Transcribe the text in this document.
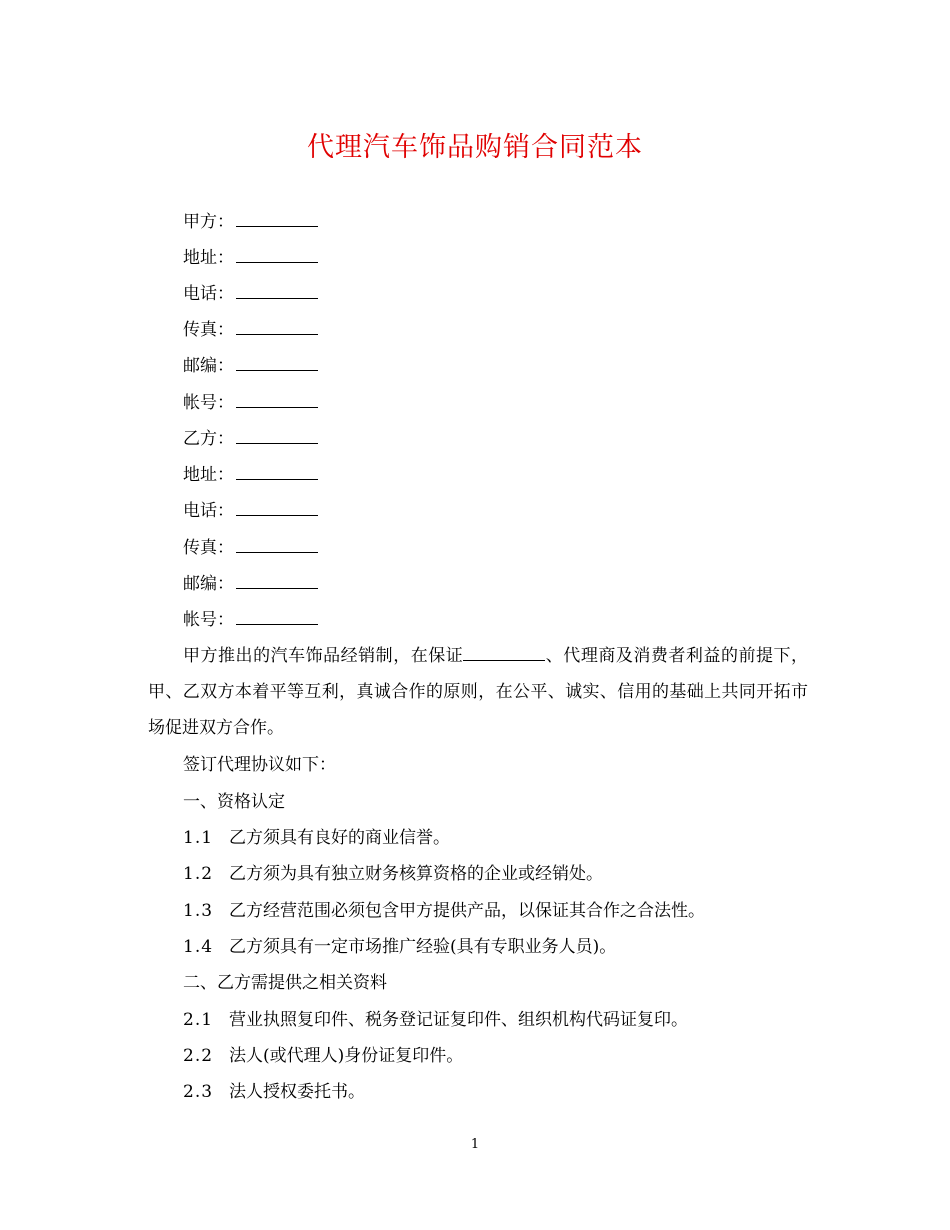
代理汽车饰品购销合同范本
甲方：
地址：
电话：
传真：
邮编：
帐号：
乙方：
地址：
电话：
传真：
邮编：
帐号：
甲方推出的汽车饰品经销制，在保证	、代理商及消费者利益的前提下，甲、乙双方本着平等互利，真诚合作的原则，在公平、诚实、信用的基础上共同开拓市场促进双方合作。
签订代理协议如下：
一、资格认定
1.1 乙方须具有良好的商业信誉。
1.2 乙方须为具有独立财务核算资格的企业或经销处。
1.3 乙方经营范围必须包含甲方提供产品，以保证其合作之合法性。
1.4 乙方须具有一定市场推广经验(具有专职业务人员)。
二、乙方需提供之相关资料
2.1 营业执照复印件、税务登记证复印件、组织机构代码证复印。
2.2 法人(或代理人)身份证复印件。
2.3 法人授权委托书。
1
